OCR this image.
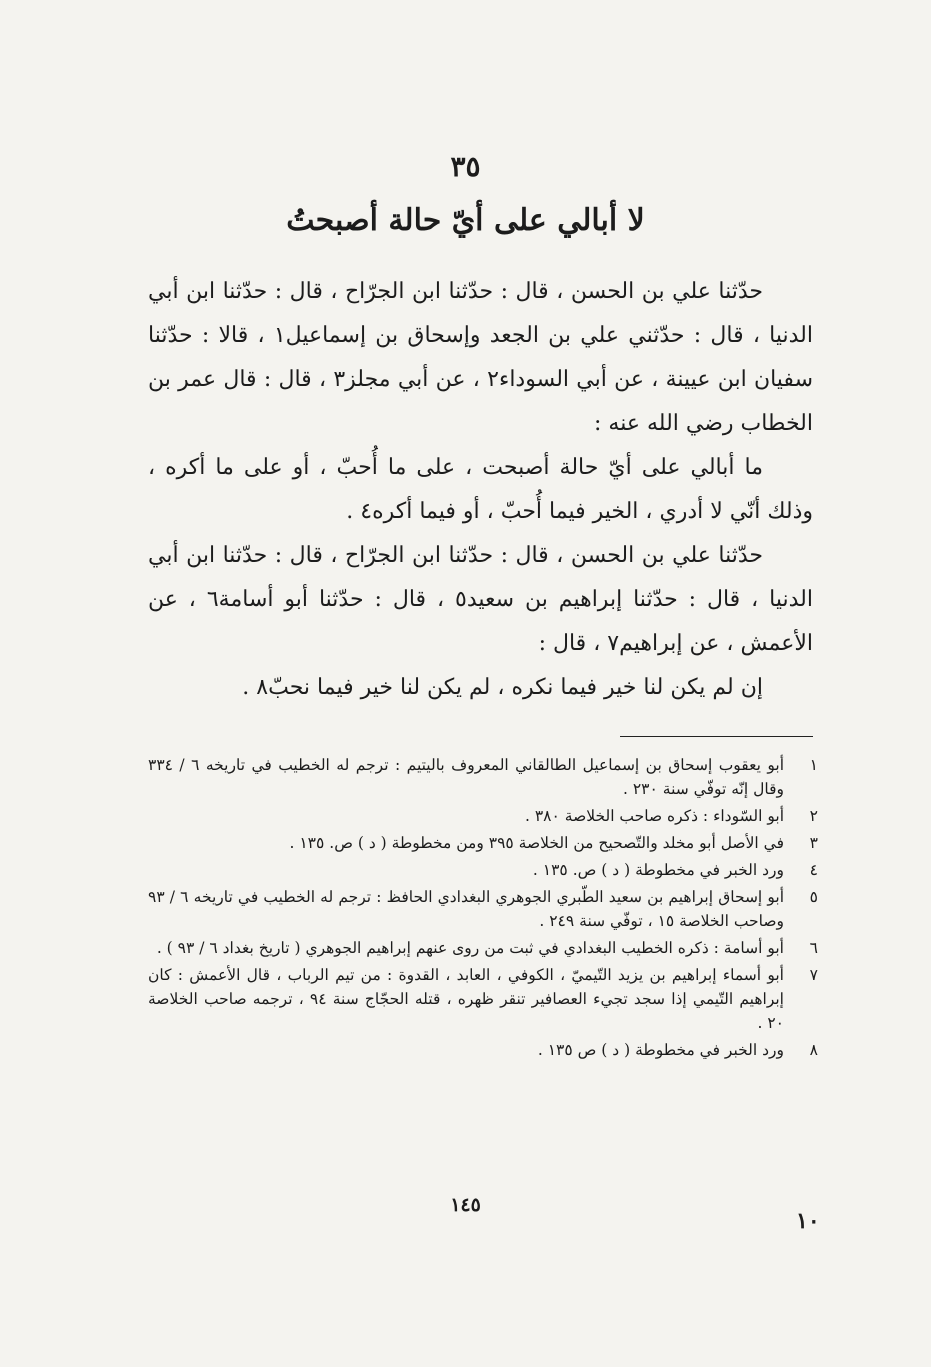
٣٥
لا أبالي على أيّ حالة أصبحتُ

حدّثنا علي بن الحسن ، قال : حدّثنا ابن الجرّاح ، قال : حدّثنا ابن أبي الدنيا ، قال : حدّثني علي بن الجعد وإسحاق بن إسماعيل١ ، قالا : حدّثنا سفيان ابن عيينة ، عن أبي السوداء٢ ، عن أبي مجلز٣ ، قال : قال عمر بن الخطاب رضي الله عنه :

ما أبالي على أيّ حالة أصبحت ، على ما أُحبّ ، أو على ما أكره ، وذلك أنّي لا أدري ، الخير فيما أُحبّ ، أو فيما أكره٤ .

حدّثنا علي بن الحسن ، قال : حدّثنا ابن الجرّاح ، قال : حدّثنا ابن أبي الدنيا ، قال : حدّثنا إبراهيم بن سعيد٥ ، قال : حدّثنا أبو أسامة٦ ، عن الأعمش ، عن إبراهيم٧ ، قال :

إن لم يكن لنا خير فيما نكره ، لم يكن لنا خير فيما نحبّ٨ .

١
أبو يعقوب إسحاق بن إسماعيل الطالقاني المعروف باليتيم : ترجم له الخطيب في تاريخه ٦ / ٣٣٤ وقال إنّه توفّي سنة ٢٣٠ .
٢
أبو السّوداء : ذكره صاحب الخلاصة ٣٨٠ .
٣
في الأصل أبو مخلد والتّصحيح من الخلاصة ٣٩٥ ومن مخطوطة ( د ) ص. ١٣٥ .
٤
ورد الخبر في مخطوطة ( د ) ص. ١٣٥ .
٥
أبو إسحاق إبراهيم بن سعيد الطّبري الجوهري البغدادي الحافظ : ترجم له الخطيب في تاريخه ٦ / ٩٣ وصاحب الخلاصة ١٥ ، توفّي سنة ٢٤٩ .
٦
أبو أسامة : ذكره الخطيب البغدادي في ثبت من روى عنهم إبراهيم الجوهري ( تاريخ بغداد ٦ / ٩٣ ) .
٧
أبو أسماء إبراهيم بن يزيد التّيميّ ، الكوفي ، العابد ، القدوة : من تيم الرباب ، قال الأعمش : كان إبراهيم التّيمي إذا سجد تجيء العصافير تنقر ظهره ، قتله الحجّاج سنة ٩٤ ، ترجمه صاحب الخلاصة ٢٠ .
٨
ورد الخبر في مخطوطة ( د ) ص ١٣٥ .
١٤٥
١٠
